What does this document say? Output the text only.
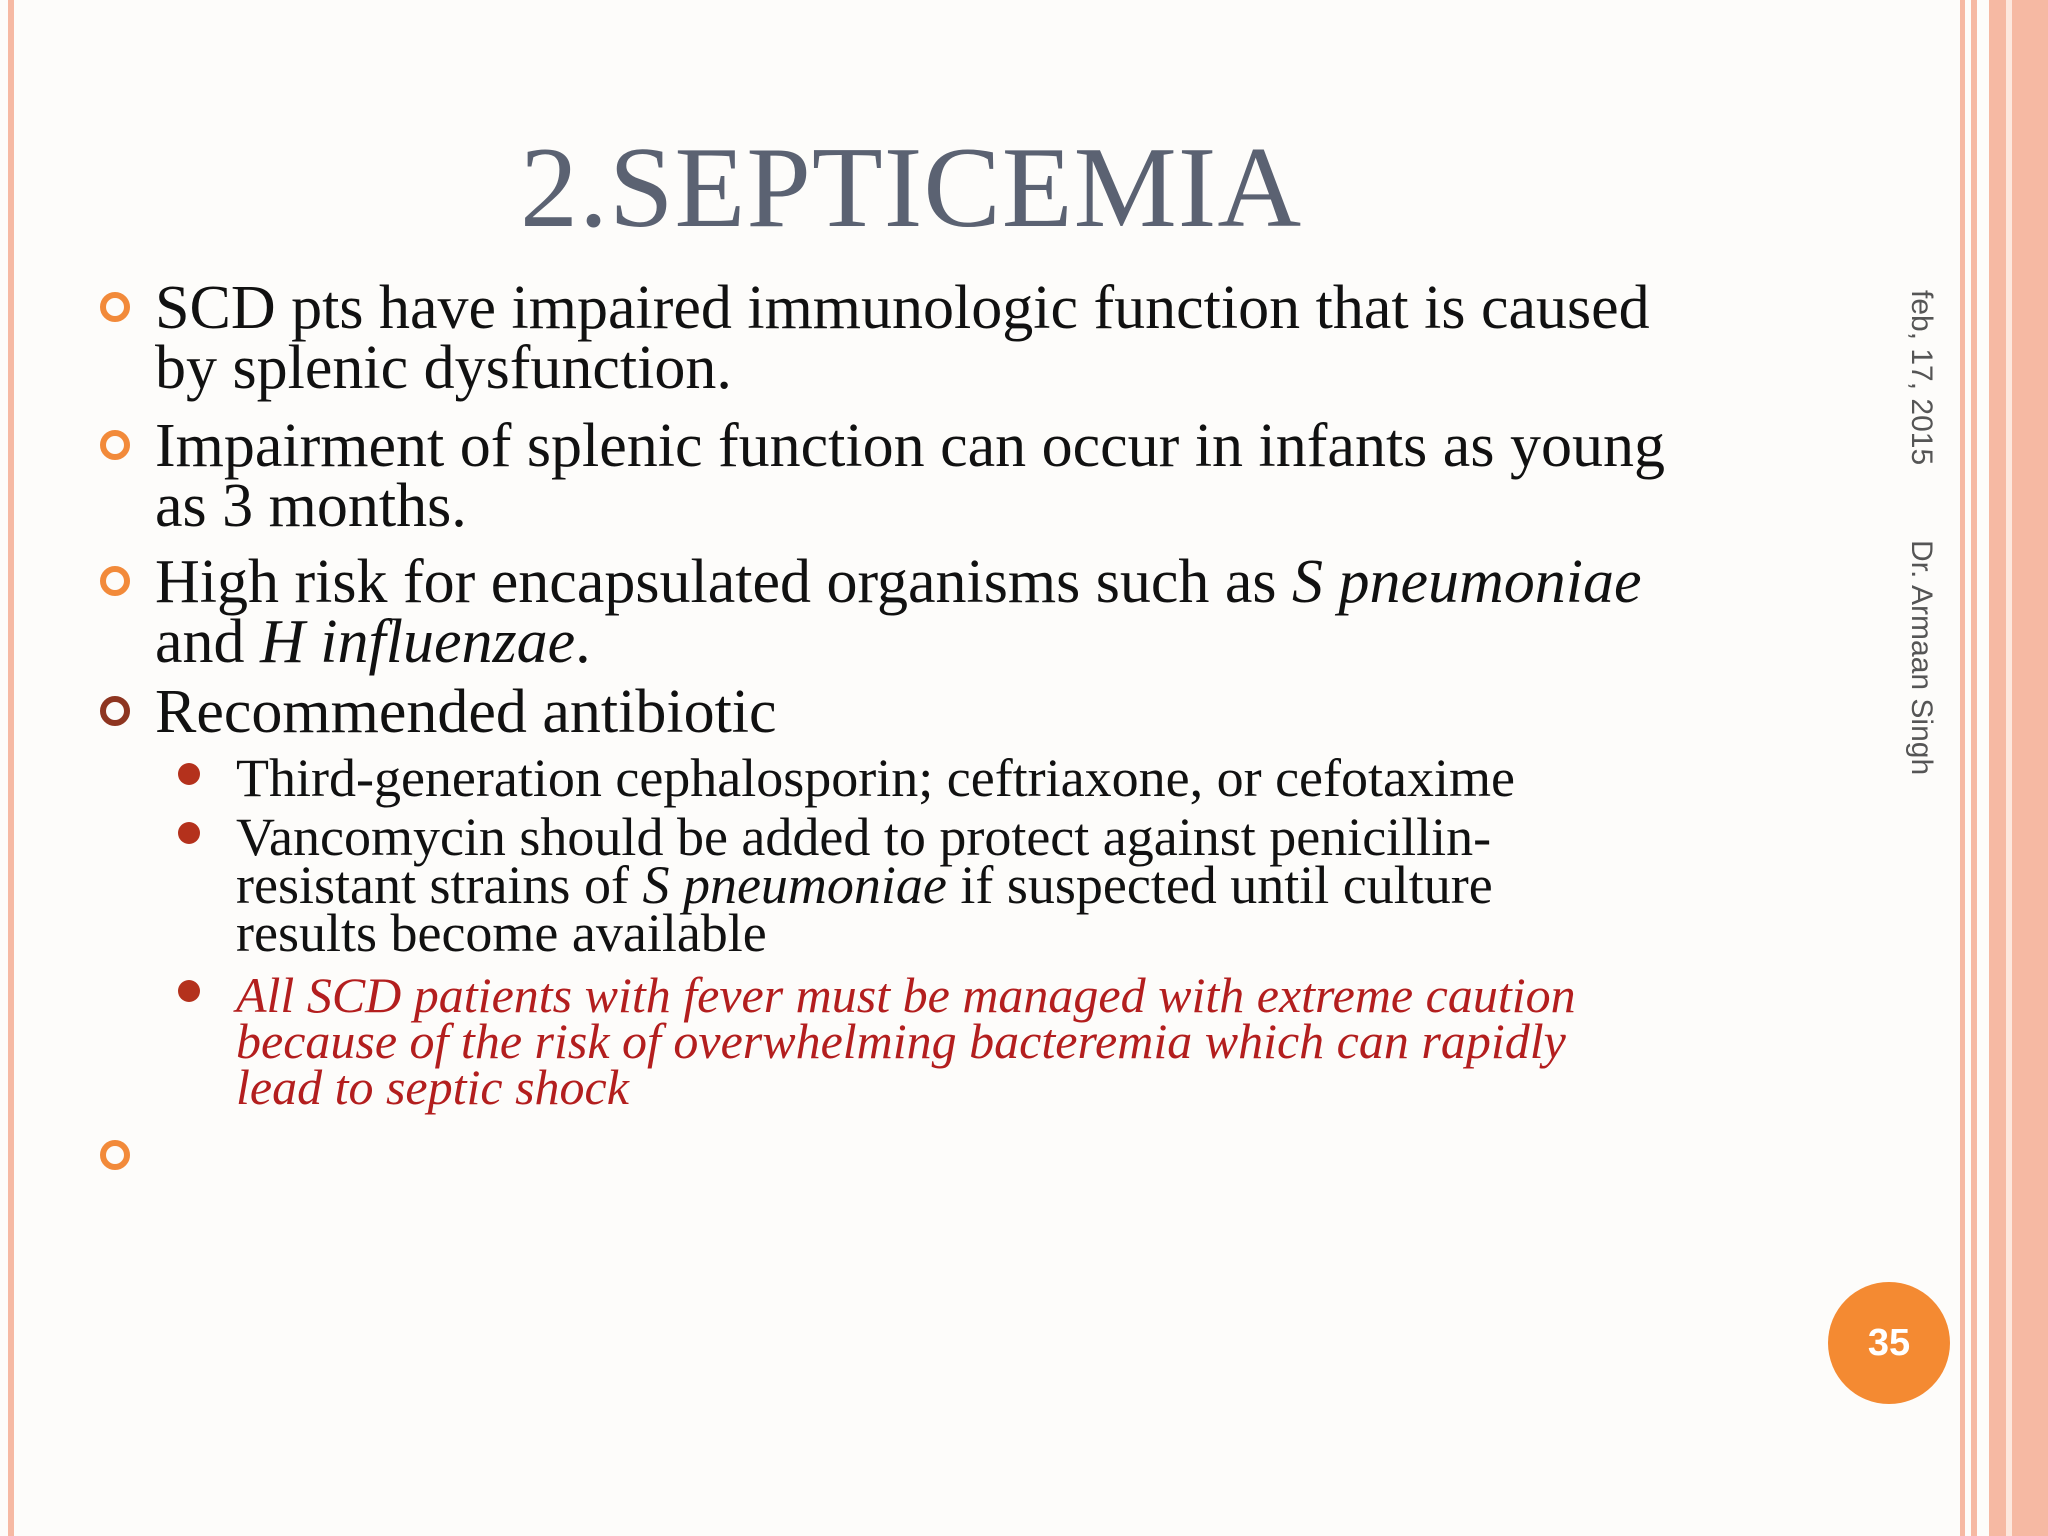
2.SEPTICEMIA
SCD pts have impaired immunologic function that is caused
by splenic dysfunction.
Impairment of splenic function can occur in infants as young
as 3 months.
High risk for encapsulated organisms such as S pneumoniae
and H influenzae.
Recommended antibiotic
Third-generation cephalosporin; ceftriaxone, or cefotaxime
Vancomycin should be added to protect against penicillin-
resistant strains of S pneumoniae if suspected until culture
results become available
All SCD patients with fever must be managed with extreme caution
because of the risk of overwhelming bacteremia which can rapidly
lead to septic shock
feb, 17, 2015
Dr. Armaan Singh
35
